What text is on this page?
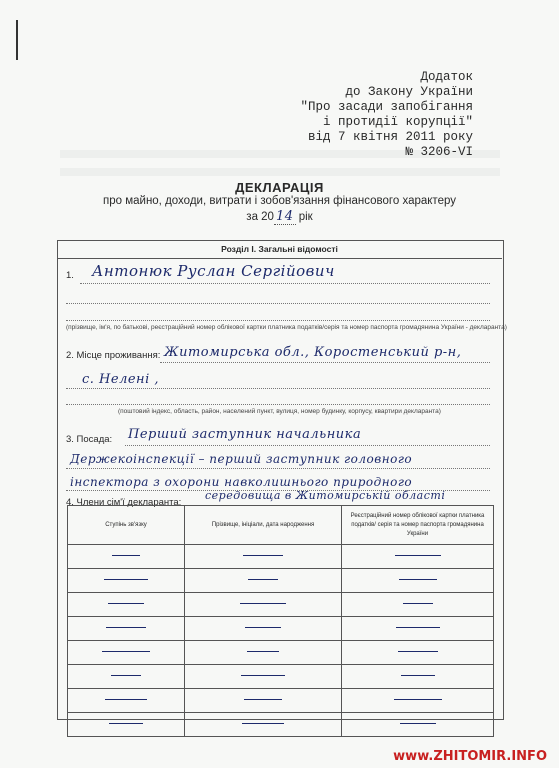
Додаток
до Закону України
"Про засади запобігання
і протидії корупції"
від 7 квітня 2011 року
№ 3206-VI
ДЕКЛАРАЦІЯ
про майно, доходи, витрати і зобов'язання фінансового характеру
за 20 14 рік
Розділ I. Загальні відомості
1. Антонюк Руслан Сергійович
(прізвище, ім'я, по батькові, реєстраційний номер облікової картки платника податків/серія та номер паспорта громадянина України - декларанта)
2. Місце проживання: Житомирська обл., Коростенський р-н,
с. Нелені ,
(поштовий індекс, область, район, населений пункт, вулиця, номер будинку, корпусу, квартири декларанта)
3. Посада: Перший заступник начальника
Держекоінспекції – перший заступник головного
інспектора з охорони навколишнього природного
середовища в Житомирській області
4. Члени сім'ї декларанта:
Ступінь зв'язку	Прізвище, ініціали, дата народження	Реєстраційний номер облікової картки платника податків/ серія та номер паспорта громадянина України

www.ZHITOMIR.INFO
